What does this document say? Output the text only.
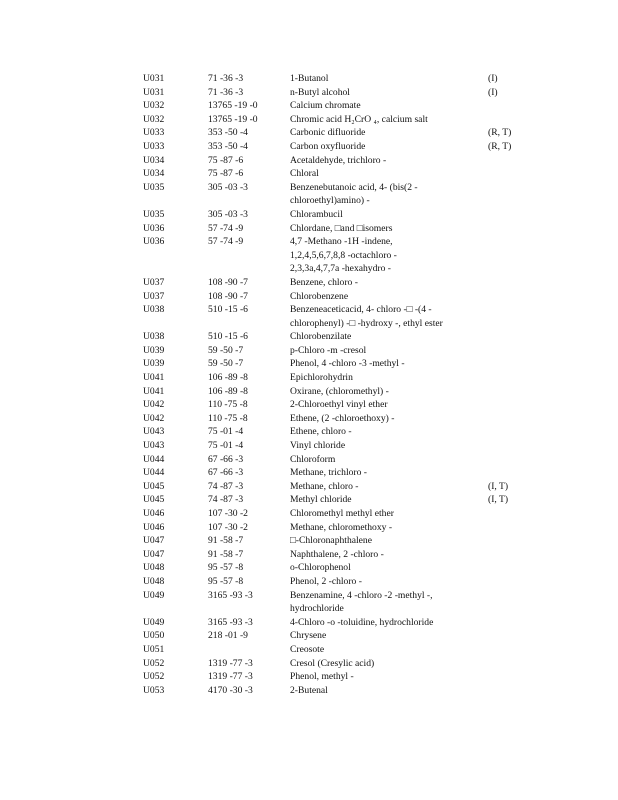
U031	71 -36 -3	1-Butanol	(I)
U031	71 -36 -3	n-Butyl alcohol	(I)
U032	13765 -19 -0	Calcium chromate	

U032	13765 -19 -0	Chromic acid H₂CrO ₄, calcium salt	

U033	353 -50 -4	Carbonic difluoride	(R, T)
U033	353 -50 -4	Carbon oxyfluoride	(R, T)
U034	75 -87 -6	Acetaldehyde, trichloro -	

U034	75 -87 -6	Chloral	

U035	305 -03 -3	Benzenebutanoic acid, 4- (bis(2 -
chloroethyl)amino) -	

U035	305 -03 -3	Chlorambucil	

U036	57 -74 -9	Chlordane, □and □isomers	

U036	57 -74 -9	4,7 -Methano -1H -indene,
1,2,4,5,6,7,8,8 -octachloro -
2,3,3a,4,7,7a -hexahydro -	

U037	108 -90 -7	Benzene, chloro -	

U037	108 -90 -7	Chlorobenzene	

U038	510 -15 -6	Benzeneaceticacid, 4- chloro -□ -(4 -
chlorophenyl) -□ -hydroxy -, ethyl ester	

U038	510 -15 -6	Chlorobenzilate	

U039	59 -50 -7	p-Chloro -m -cresol	

U039	59 -50 -7	Phenol, 4 -chloro -3 -methyl -	

U041	106 -89 -8	Epichlorohydrin	

U041	106 -89 -8	Oxirane, (chloromethyl) -	

U042	110 -75 -8	2-Chloroethyl vinyl ether	

U042	110 -75 -8	Ethene, (2 -chloroethoxy) -	

U043	75 -01 -4	Ethene, chloro -	

U043	75 -01 -4	Vinyl chloride	

U044	67 -66 -3	Chloroform	

U044	67 -66 -3	Methane, trichloro -	

U045	74 -87 -3	Methane, chloro -	(I, T)
U045	74 -87 -3	Methyl chloride	(I, T)
U046	107 -30 -2	Chloromethyl methyl ether	

U046	107 -30 -2	Methane, chloromethoxy -	

U047	91 -58 -7	□-Chloronaphthalene	

U047	91 -58 -7	Naphthalene, 2 -chloro -	

U048	95 -57 -8	o-Chlorophenol	

U048	95 -57 -8	Phenol, 2 -chloro -	

U049	3165 -93 -3	Benzenamine, 4 -chloro -2 -methyl -,
hydrochloride	

U049	3165 -93 -3	4-Chloro -o -toluidine, hydrochloride	

U050	218 -01 -9	Chrysene	

U051		Creosote	

U052	1319 -77 -3	Cresol (Cresylic acid)	

U052	1319 -77 -3	Phenol, methyl -	

U053	4170 -30 -3	2-Butenal	
